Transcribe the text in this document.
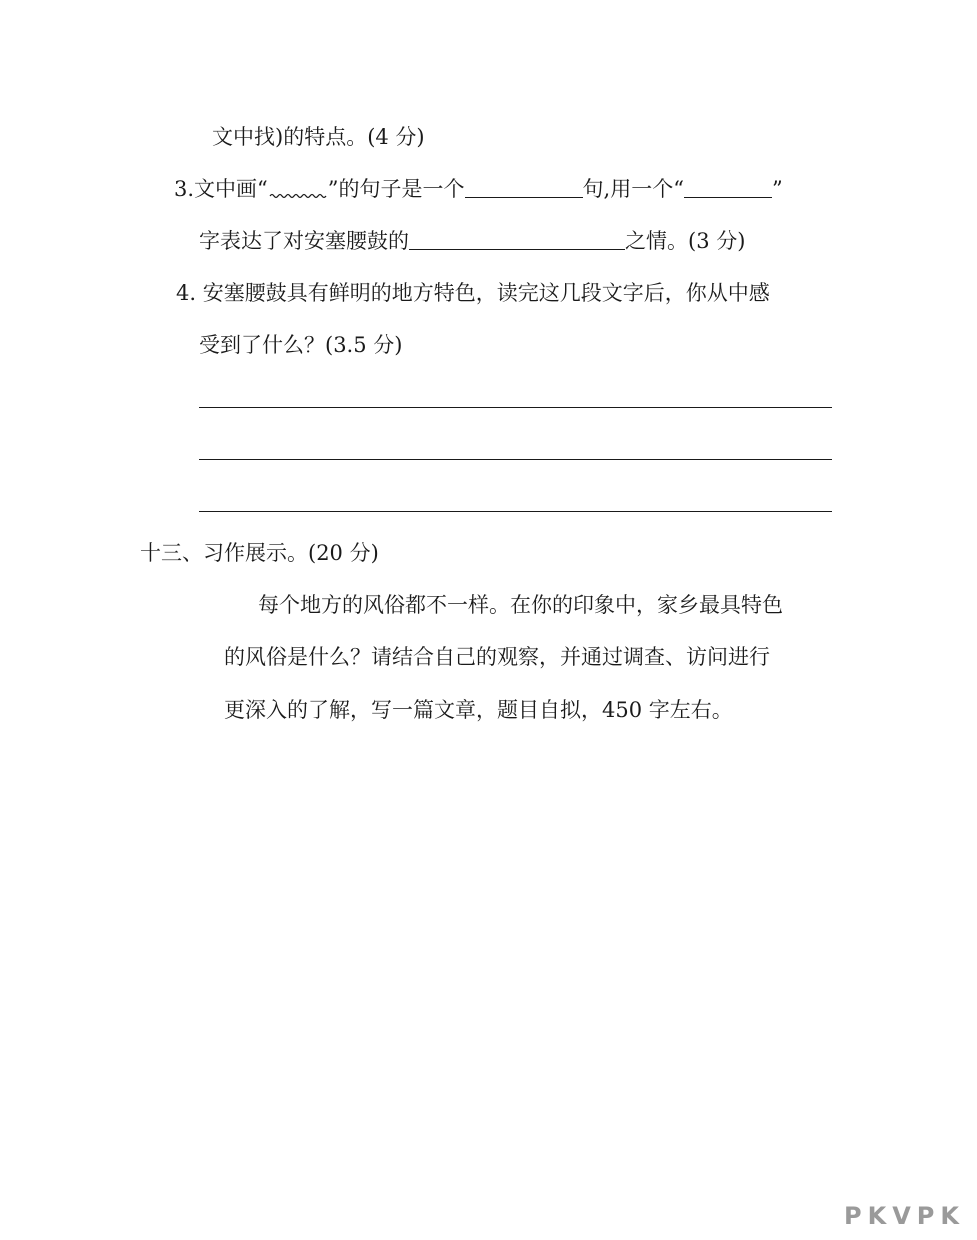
文中找)的特点。(4 分)
3.文中画“	”的句子是一个	句,用一个“	”
字表达了对安塞腰鼓的	之情。(3 分)
4. 安塞腰鼓具有鲜明的地方特色，读完这几段文字后，你从中感
受到了什么？(3.5 分)
十三、习作展示。(20 分)
每个地方的风俗都不一样。在你的印象中，家乡最具特色
的风俗是什么？请结合自己的观察，并通过调查、访问进行
更深入的了解，写一篇文章，题目自拟，450 字左右。
PKVPK
